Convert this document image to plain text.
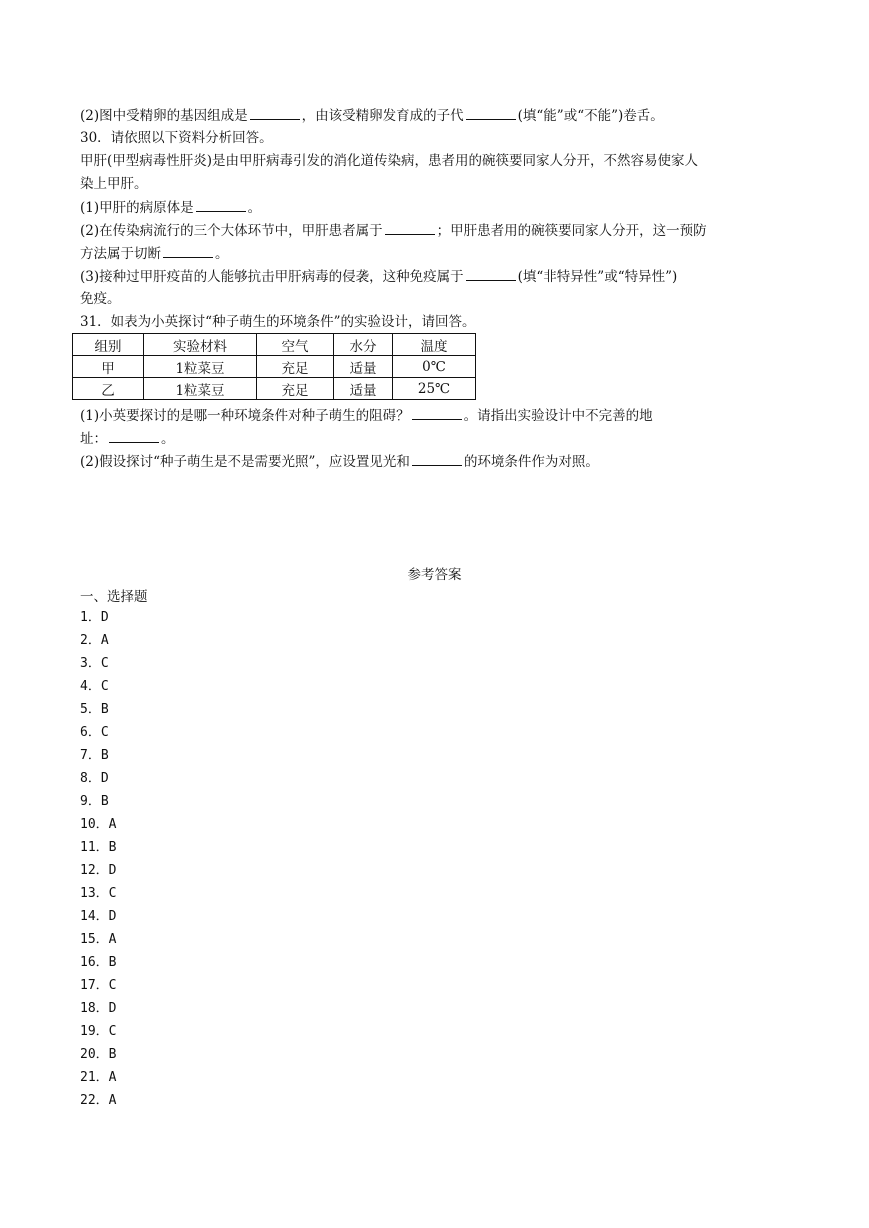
(2)图中受精卵的基因组成是	，由该受精卵发育成的子代	(填“能”或“不能”)卷舌。
30．请依照以下资料分析回答。
甲肝(甲型病毒性肝炎)是由甲肝病毒引发的消化道传染病，患者用的碗筷要同家人分开，不然容易使家人
染上甲肝。
(1)甲肝的病原体是	。
(2)在传染病流行的三个大体环节中，甲肝患者属于	；甲肝患者用的碗筷要同家人分开，这一预防
方法属于切断	。
(3)接种过甲肝疫苗的人能够抗击甲肝病毒的侵袭，这种免疫属于	(填“非特异性”或“特异性”)
免疫。
31．如表为小英探讨“种子萌生的环境条件”的实验设计，请回答。
组别	实验材料	空气	水分	温度
甲	1粒菜豆	充足	适量	0℃
乙	1粒菜豆	充足	适量	25℃
(1)小英要探讨的是哪一种环境条件对种子萌生的阻碍？	。请指出实验设计中不完善的地
址：	。
(2)假设探讨“种子萌生是不是需要光照”，应设置见光和	的环境条件作为对照。
参考答案
一、选择题
1．D
2．A
3．C
4．C
5．B
6．C
7．B
8．D
9．B
10．A
11．B
12．D
13．C
14．D
15．A
16．B
17．C
18．D
19．C
20．B
21．A
22．A
